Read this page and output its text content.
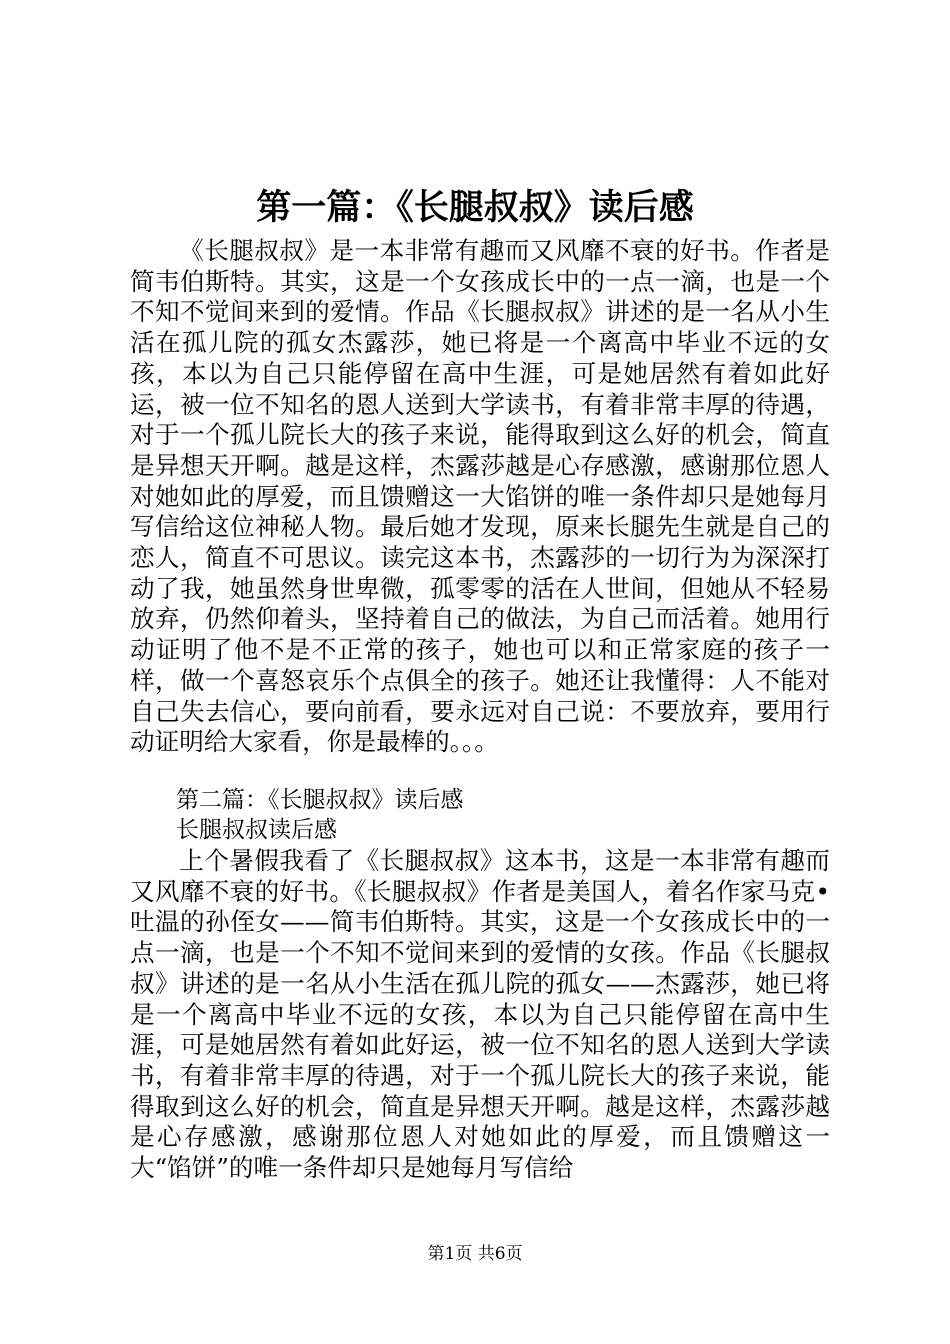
第一篇：《长腿叔叔》读后感

《长腿叔叔》是一本非常有趣而又风靡不衰的好书。作者是简韦伯斯特。其实，这是一个女孩成长中的一点一滴，也是一个不知不觉间来到的爱情。作品《长腿叔叔》讲述的是一名从小生活在孤儿院的孤女杰露莎，她已将是一个离高中毕业不远的女孩，本以为自己只能停留在高中生涯，可是她居然有着如此好运，被一位不知名的恩人送到大学读书，有着非常丰厚的待遇，对于一个孤儿院长大的孩子来说，能得取到这么好的机会，简直是异想天开啊。越是这样，杰露莎越是心存感激，感谢那位恩人对她如此的厚爱，而且馈赠这一大馅饼的唯一条件却只是她每月写信给这位神秘人物。最后她才发现，原来长腿先生就是自己的恋人，简直不可思议。读完这本书，杰露莎的一切行为为深深打动了我，她虽然身世卑微，孤零零的活在人世间，但她从不轻易放弃，仍然仰着头，坚持着自己的做法，为自己而活着。她用行动证明了他不是不正常的孩子，她也可以和正常家庭的孩子一样，做一个喜怒哀乐个点俱全的孩子。她还让我懂得：人不能对自己失去信心，要向前看，要永远对自己说：不要放弃，要用行动证明给大家看，你是最棒的。。。

第二篇：《长腿叔叔》读后感

长腿叔叔读后感

上个暑假我看了《长腿叔叔》这本书，这是一本非常有趣而又风靡不衰的好书。《长腿叔叔》作者是美国人，着名作家马克•吐温的孙侄女——简韦伯斯特。其实，这是一个女孩成长中的一点一滴，也是一个不知不觉间来到的爱情的女孩。作品《长腿叔叔》讲述的是一名从小生活在孤儿院的孤女——杰露莎，她已将是一个离高中毕业不远的女孩，本以为自己只能停留在高中生涯，可是她居然有着如此好运，被一位不知名的恩人送到大学读书，有着非常丰厚的待遇，对于一个孤儿院长大的孩子来说，能得取到这么好的机会，简直是异想天开啊。越是这样，杰露莎越是心存感激，感谢那位恩人对她如此的厚爱，而且馈赠这一大“馅饼”的唯一条件却只是她每月写信给

第1页 共6页
